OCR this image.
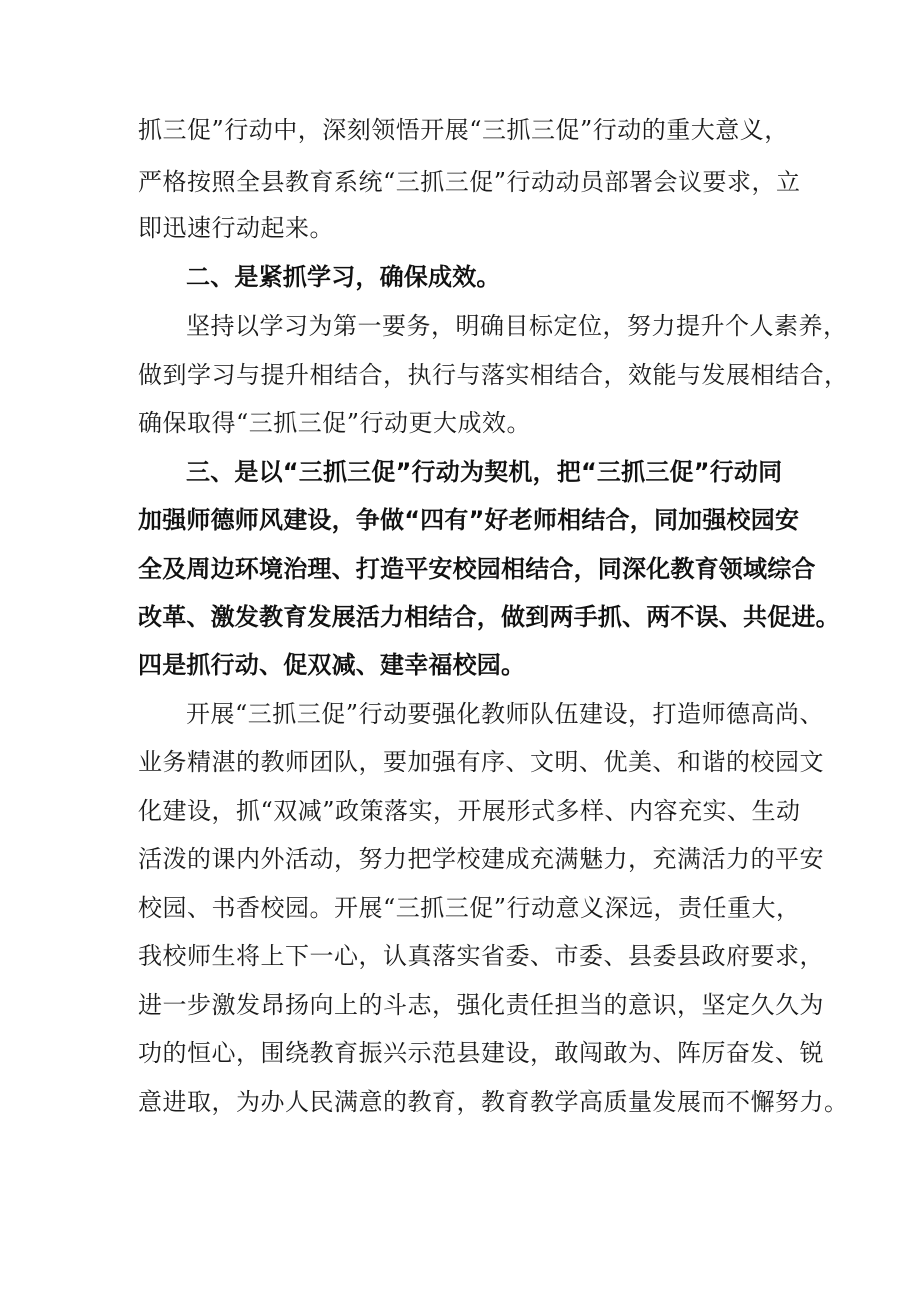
抓三促”行动中，深刻领悟开展“三抓三促”行动的重大意义，
严格按照全县教育系统“三抓三促”行动动员部署会议要求，立
即迅速行动起来。
二、是紧抓学习，确保成效。
坚持以学习为第一要务，明确目标定位，努力提升个人素养，
做到学习与提升相结合，执行与落实相结合，效能与发展相结合，
确保取得“三抓三促”行动更大成效。
三、是以“三抓三促”行动为契机，把“三抓三促”行动同
加强师德师风建设，争做“四有”好老师相结合，同加强校园安
全及周边环境治理、打造平安校园相结合，同深化教育领域综合
改革、激发教育发展活力相结合，做到两手抓、两不误、共促进。
四是抓行动、促双减、建幸福校园。
开展“三抓三促”行动要强化教师队伍建设，打造师德高尚、
业务精湛的教师团队，要加强有序、文明、优美、和谐的校园文
化建设，抓“双减”政策落实，开展形式多样、内容充实、生动
活泼的课内外活动，努力把学校建成充满魅力，充满活力的平安
校园、书香校园。开展“三抓三促”行动意义深远，责任重大，
我校师生将上下一心，认真落实省委、市委、县委县政府要求，
进一步激发昂扬向上的斗志，强化责任担当的意识，坚定久久为
功的恒心，围绕教育振兴示范县建设，敢闯敢为、阵厉奋发、锐
意进取，为办人民满意的教育，教育教学高质量发展而不懈努力。
